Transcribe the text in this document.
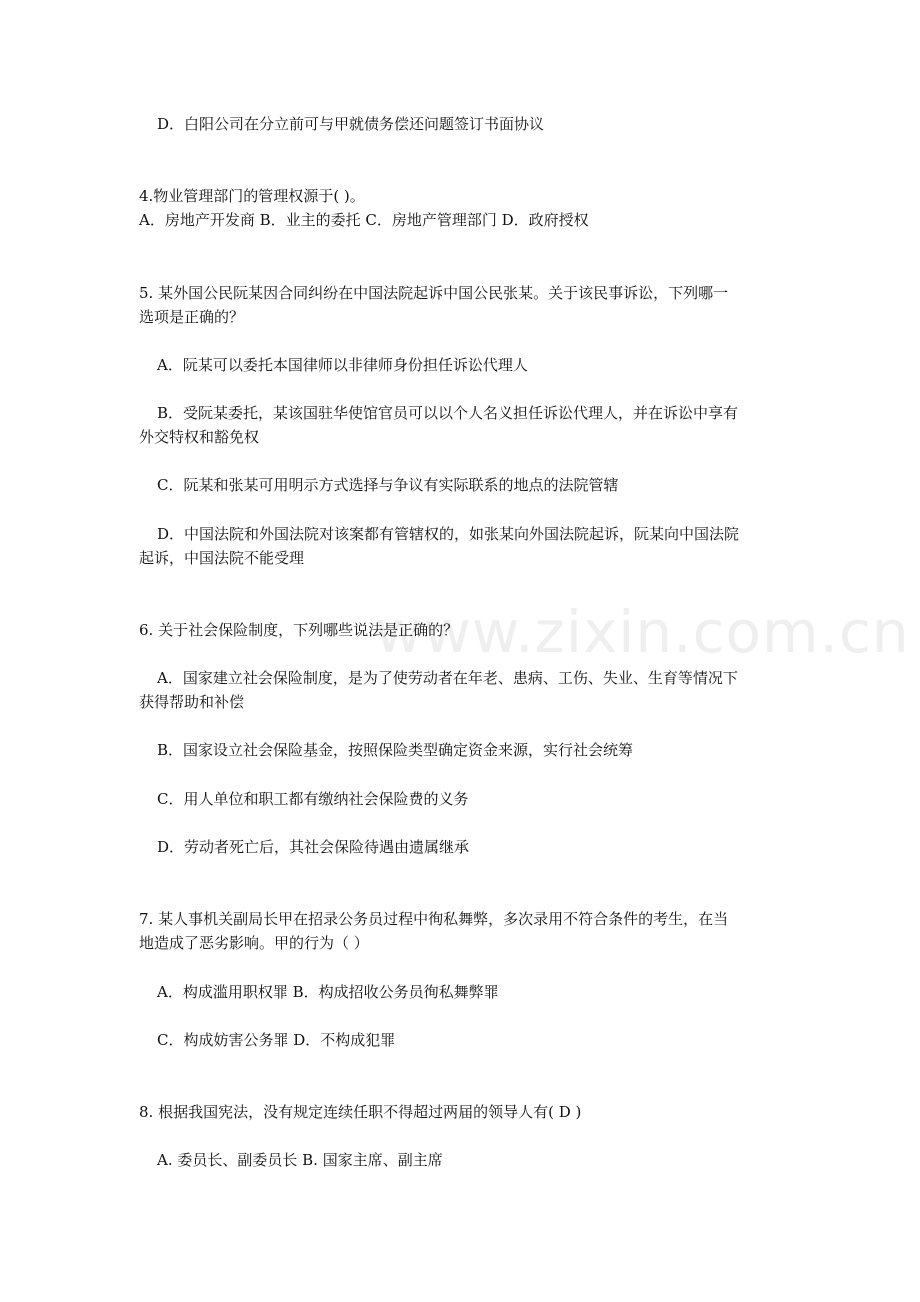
www.zixin.com.cn
D．白阳公司在分立前可与甲就债务偿还问题签订书面协议
4.物业管理部门的管理权源于( )。
A．房地产开发商 B．业主的委托 C．房地产管理部门 D．政府授权
5. 某外国公民阮某因合同纠纷在中国法院起诉中国公民张某。关于该民事诉讼，下列哪一
选项是正确的？
A．阮某可以委托本国律师以非律师身份担任诉讼代理人
B．受阮某委托，某该国驻华使馆官员可以以个人名义担任诉讼代理人，并在诉讼中享有
外交特权和豁免权
C．阮某和张某可用明示方式选择与争议有实际联系的地点的法院管辖
D．中国法院和外国法院对该案都有管辖权的，如张某向外国法院起诉，阮某向中国法院
起诉，中国法院不能受理
6. 关于社会保险制度，下列哪些说法是正确的？
A．国家建立社会保险制度，是为了使劳动者在年老、患病、工伤、失业、生育等情况下
获得帮助和补偿
B．国家设立社会保险基金，按照保险类型确定资金来源，实行社会统筹
C．用人单位和职工都有缴纳社会保险费的义务
D．劳动者死亡后，其社会保险待遇由遗属继承
7. 某人事机关副局长甲在招录公务员过程中徇私舞弊，多次录用不符合条件的考生，在当
地造成了恶劣影响。甲的行为（ ）
A．构成滥用职权罪 B．构成招收公务员徇私舞弊罪
C．构成妨害公务罪 D．不构成犯罪
8. 根据我国宪法，没有规定连续任职不得超过两届的领导人有( D )
A. 委员长、副委员长 B. 国家主席、副主席
